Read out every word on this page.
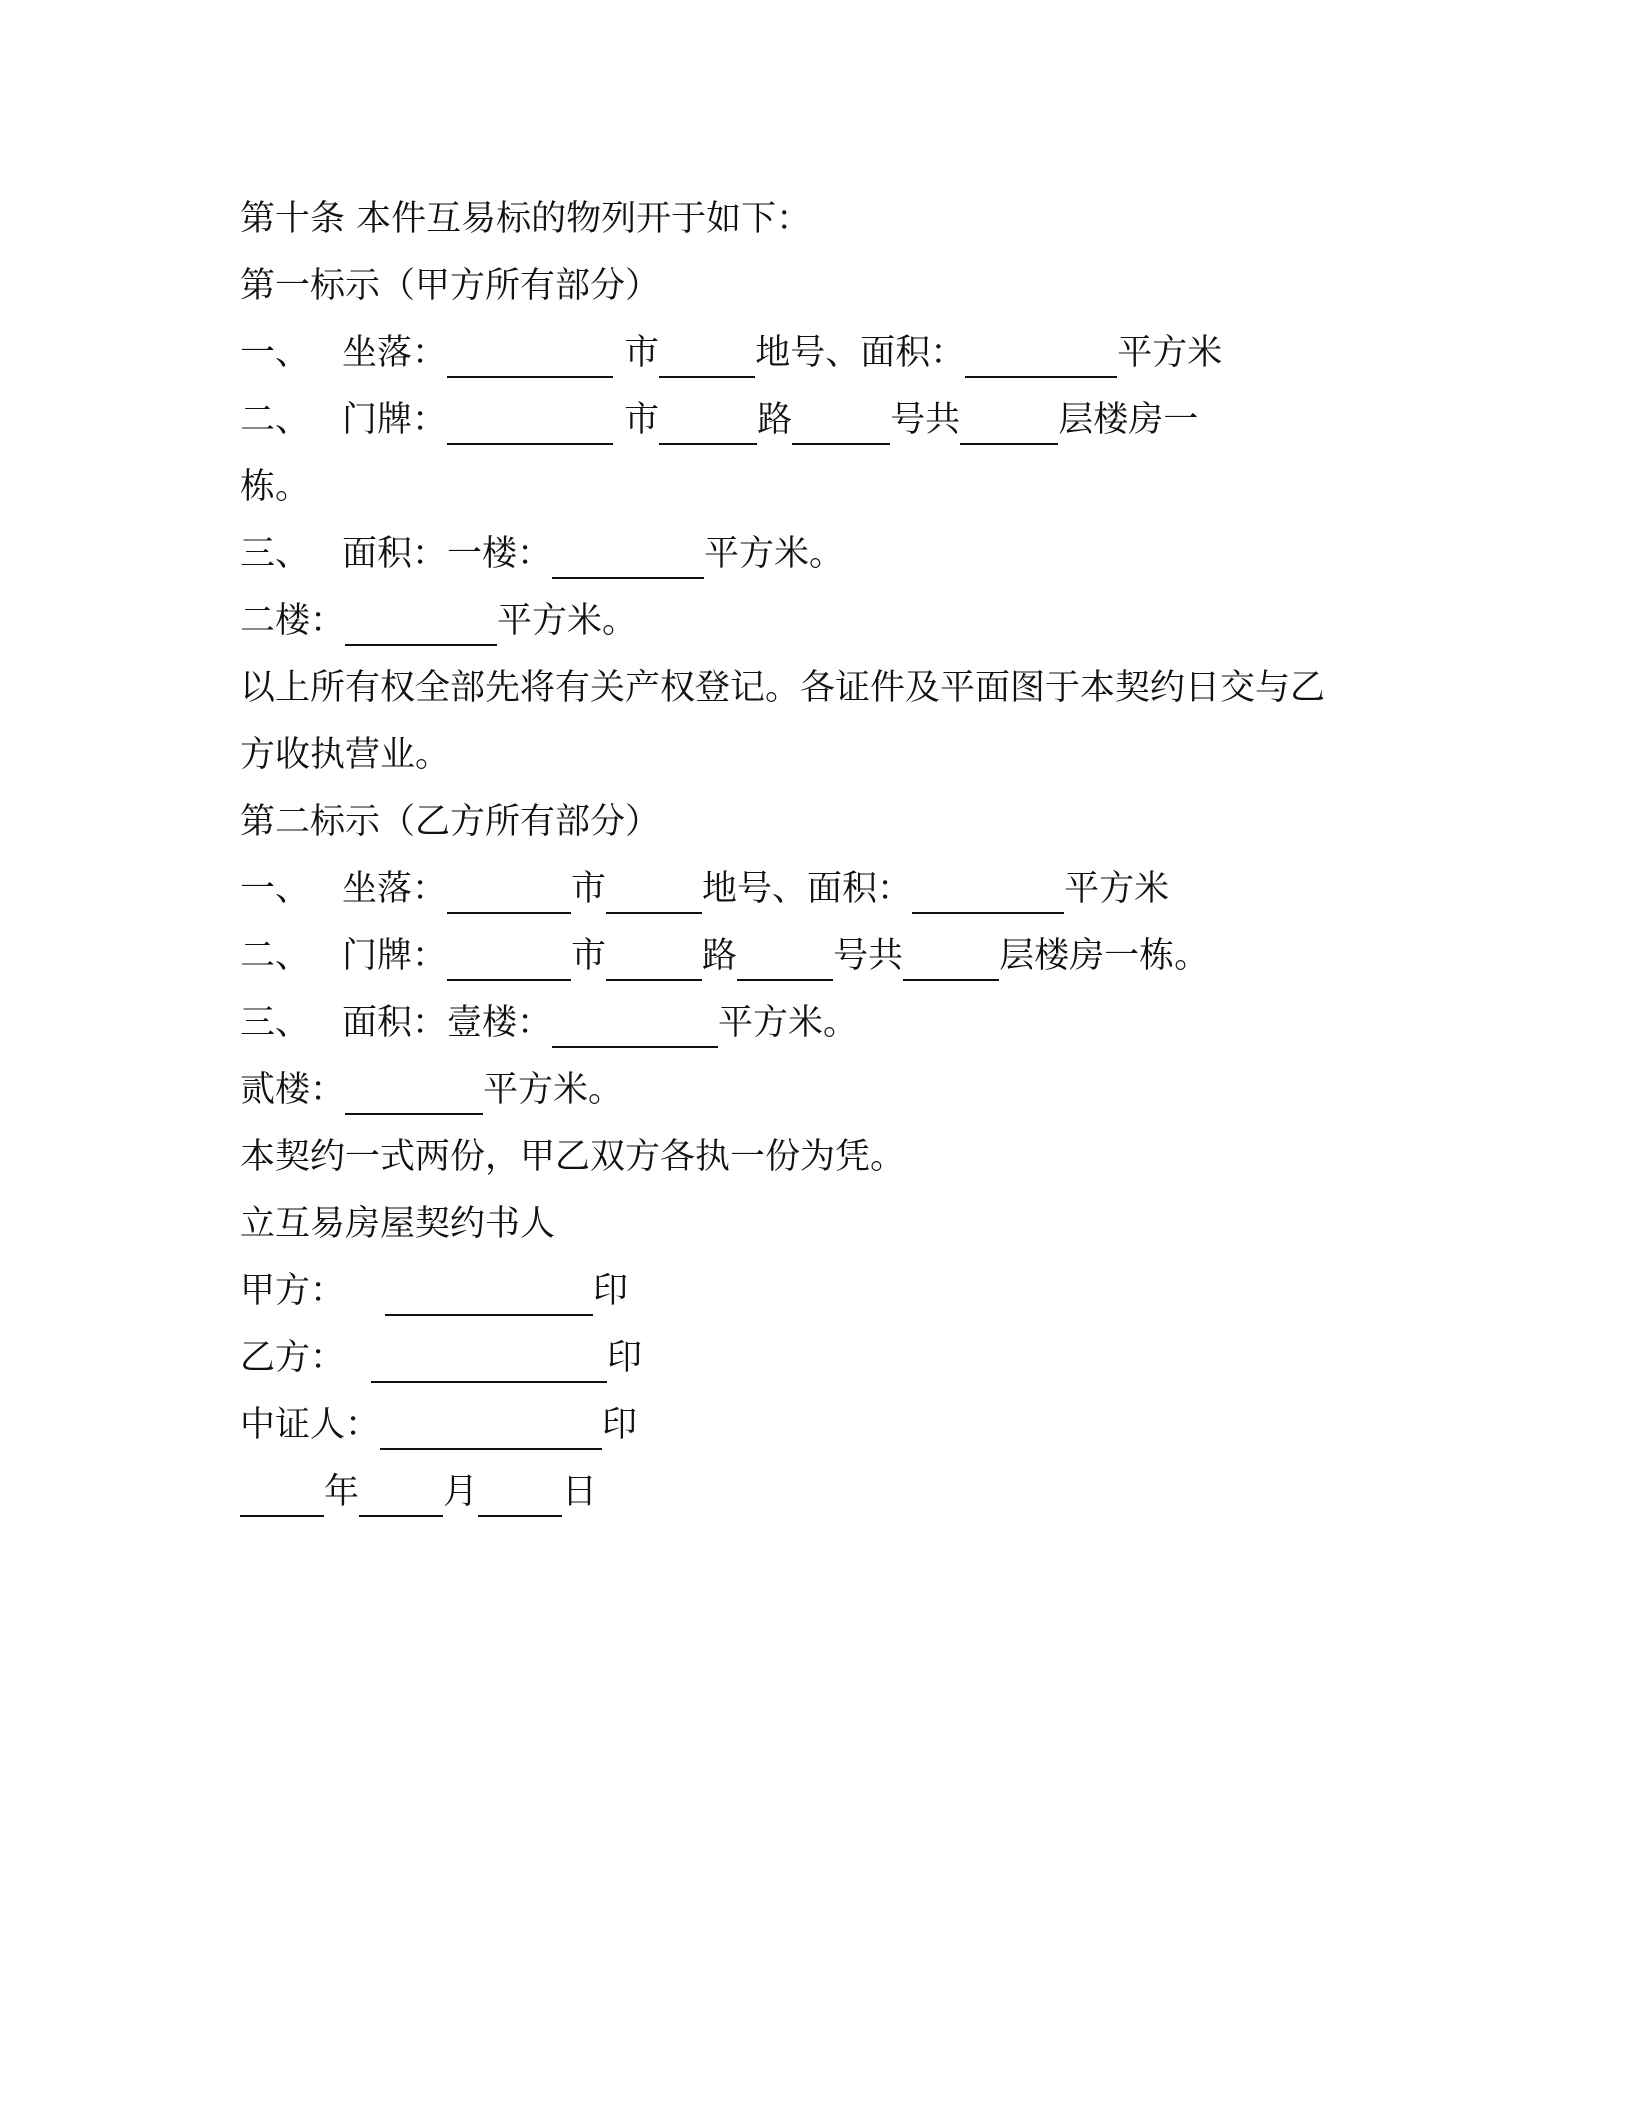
第十条 本件互易标的物列开于如下：
第一标示（甲方所有部分）
一、 坐落：	市	地号、面积：	平方米
二、 门牌：	市	路	号共	层楼房一
栋。
三、 面积：一楼：	平方米。
二楼：	平方米。
以上所有权全部先将有关产权登记。各证件及平面图于本契约日交与乙
方收执营业。
第二标示（乙方所有部分）
一、 坐落：	市	地号、面积：	平方米
二、 门牌：	市	路	号共	层楼房一栋。
三、 面积：壹楼：	平方米。
贰楼：	平方米。
本契约一式两份，甲乙双方各执一份为凭。
立互易房屋契约书人
甲方：	印
乙方：	印
中证人：	印
年 月 日
